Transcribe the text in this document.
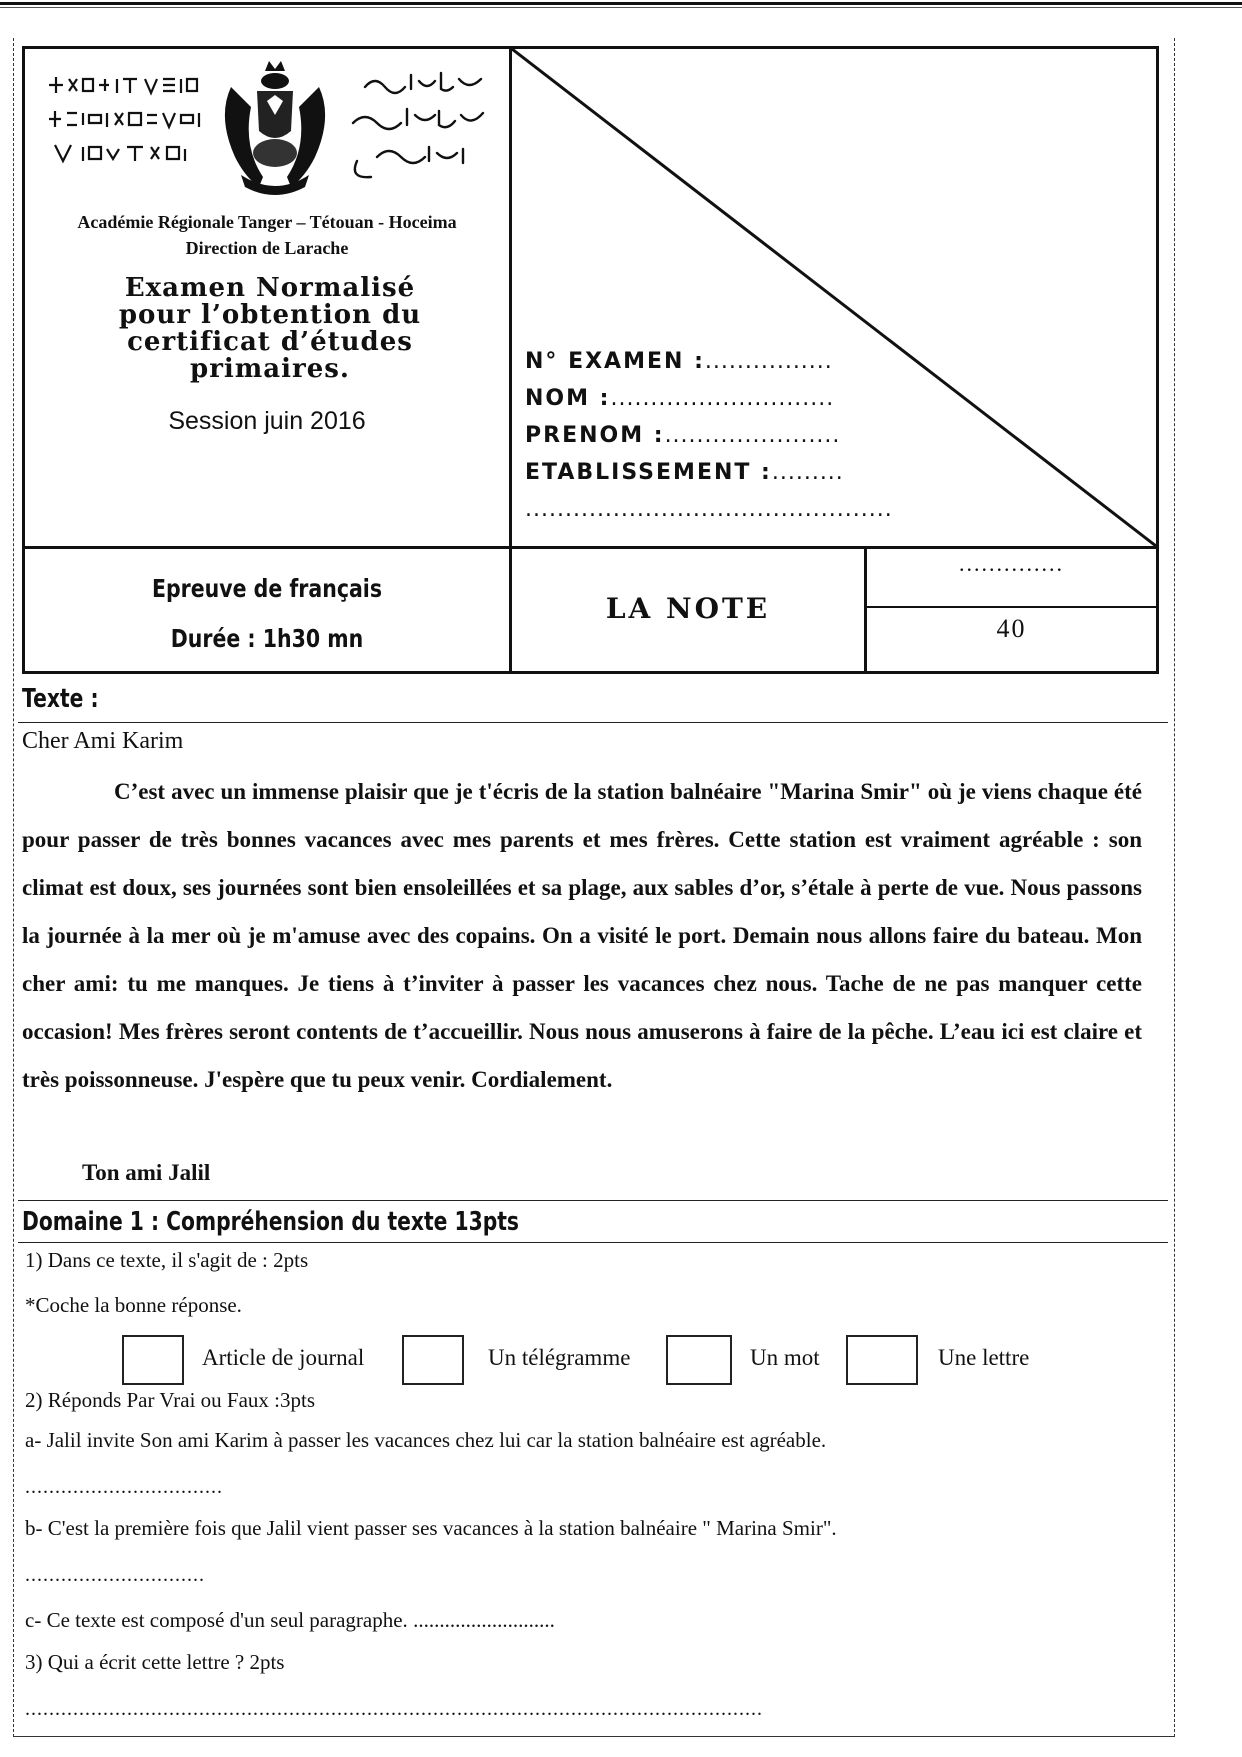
Académie Régionale Tanger – Tétouan - Hoceima
Direction de Larache
Examen Normalisé
pour l’obtention du
certificat d’études
primaires.
Session juin 2016
N° EXAMEN :................
NOM :............................
PRENOM :......................
ETABLISSEMENT :.........
..............................................
Epreuve de français
Durée : 1h30 mn
LA NOTE
..............
40
Texte :
Cher Ami Karim

C’est avec un immense plaisir que je t'écris de la station balnéaire "Marina Smir" où je viens chaque été pour passer de très bonnes vacances avec mes parents et mes frères. Cette station est vraiment agréable : son climat est doux, ses journées sont bien ensoleillées et sa plage, aux sables d’or, s’étale à perte de vue. Nous passons la journée à la mer où je m'amuse avec des copains. On a visité le port. Demain nous allons faire du bateau. Mon cher ami: tu me manques. Je tiens à t’inviter à passer les vacances chez nous. Tache de ne pas manquer cette occasion! Mes frères seront contents de t’accueillir. Nous nous amuserons à faire de la pêche. L’eau ici est claire et très poissonneuse. J'espère que tu peux venir. Cordialement.

Ton ami Jalil
Domaine 1 : Compréhension du texte 13pts
1) Dans ce texte, il s'agit de : 2pts
*Coche la bonne réponse.
Article de journal	Un télégramme	Un mot	Une lettre
2) Réponds Par Vrai ou Faux :3pts
a- Jalil invite Son ami Karim à passer les vacances chez lui car la station balnéaire est agréable.
.................................
b- C'est la première fois que Jalil vient passer ses vacances à la station balnéaire " Marina Smir".
..............................
c- Ce texte est composé d'un seul paragraphe. ...........................
3) Qui a écrit cette lettre ? 2pts
...........................................................................................................................
